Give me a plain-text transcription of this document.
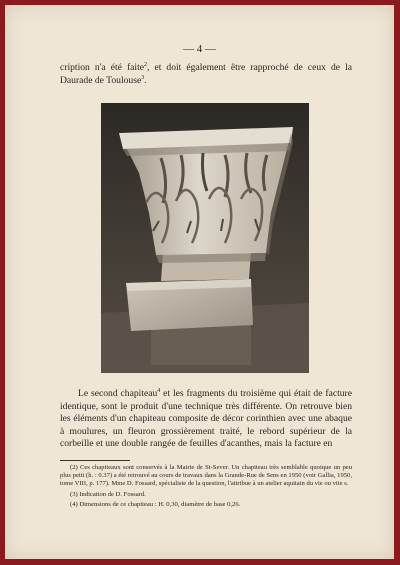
— 4 —
cription n'a été faite$^2$, et doit également être rapproché de ceux de la Daurade de Toulouse$^3$.

Le second chapiteau$^4$ et les fragments du troisième qui était de facture identique, sont le produit d'une technique très différente. On retrouve bien les éléments d'un chapiteau composite de décor corinthien avec une abaque à moulures, un fleuron grossièrement traité, le rebord supérieur de la corbeille et une double rangée de feuilles d'acanthes, mais la facture en

(2) Ces chapiteaux sont conservés à la Mairie de St-Sever. Un chapiteau très semblable quoique un peu plus petit (h. : 0.37) a été retrouvé au cours de travaux dans la Grande-Rue de Sens en 1950 (voir Gallia, 1950, tome VIII, p. 177). Mme D. Fossard, spécialiste de la question, l'attribue à un atelier aquitain du vie ou viie s.

(3) Indication de D. Fossard.

(4) Dimensions de ce chapiteau : H. 0,30, diamètre de base 0,26.
